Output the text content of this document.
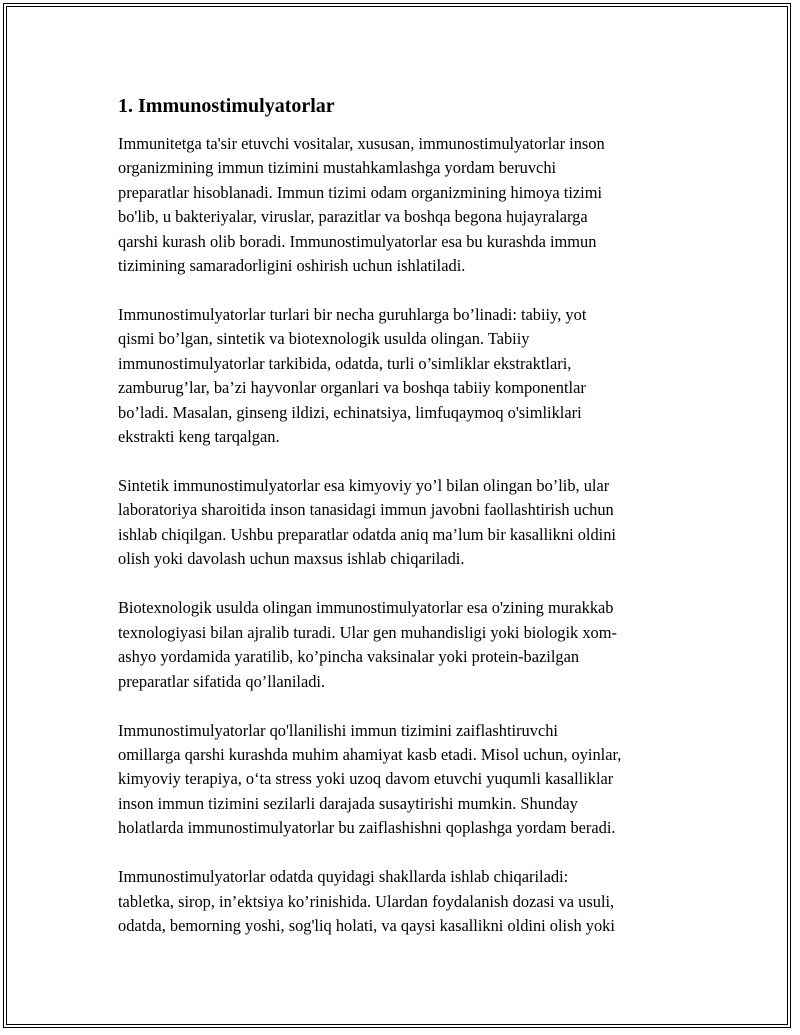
1. Immunostimulyatorlar
Immunitetga ta'sir etuvchi vositalar, xususan, immunostimulyatorlar inson
organizmining immun tizimini mustahkamlashga yordam beruvchi
preparatlar hisoblanadi. Immun tizimi odam organizmining himoya tizimi
bo'lib, u bakteriyalar, viruslar, parazitlar va boshqa begona hujayralarga
qarshi kurash olib boradi. Immunostimulyatorlar esa bu kurashda immun
tizimining samaradorligini oshirish uchun ishlatiladi.
Immunostimulyatorlar turlari bir necha guruhlarga bo’linadi: tabiiy, yot
qismi bo’lgan, sintetik va biotexnologik usulda olingan. Tabiiy
immunostimulyatorlar tarkibida, odatda, turli o’simliklar ekstraktlari,
zamburug’lar, ba’zi hayvonlar organlari va boshqa tabiiy komponentlar
bo’ladi. Masalan, ginseng ildizi, echinatsiya, limfuqaymoq o'simliklari
ekstrakti keng tarqalgan.
Sintetik immunostimulyatorlar esa kimyoviy yo’l bilan olingan bo’lib, ular
laboratoriya sharoitida inson tanasidagi immun javobni faollashtirish uchun
ishlab chiqilgan. Ushbu preparatlar odatda aniq ma’lum bir kasallikni oldini
olish yoki davolash uchun maxsus ishlab chiqariladi.
Biotexnologik usulda olingan immunostimulyatorlar esa o'zining murakkab
texnologiyasi bilan ajralib turadi. Ular gen muhandisligi yoki biologik xom-
ashyo yordamida yaratilib, ko’pincha vaksinalar yoki protein-bazilgan
preparatlar sifatida qo’llaniladi.
Immunostimulyatorlar qo'llanilishi immun tizimini zaiflashtiruvchi
omillarga qarshi kurashda muhim ahamiyat kasb etadi. Misol uchun, oyinlar,
kimyoviy terapiya, o‘ta stress yoki uzoq davom etuvchi yuqumli kasalliklar
inson immun tizimini sezilarli darajada susaytirishi mumkin. Shunday
holatlarda immunostimulyatorlar bu zaiflashishni qoplashga yordam beradi.
Immunostimulyatorlar odatda quyidagi shakllarda ishlab chiqariladi:
tabletka, sirop, in’ektsiya ko’rinishida. Ulardan foydalanish dozasi va usuli,
odatda, bemorning yoshi, sog'liq holati, va qaysi kasallikni oldini olish yoki
